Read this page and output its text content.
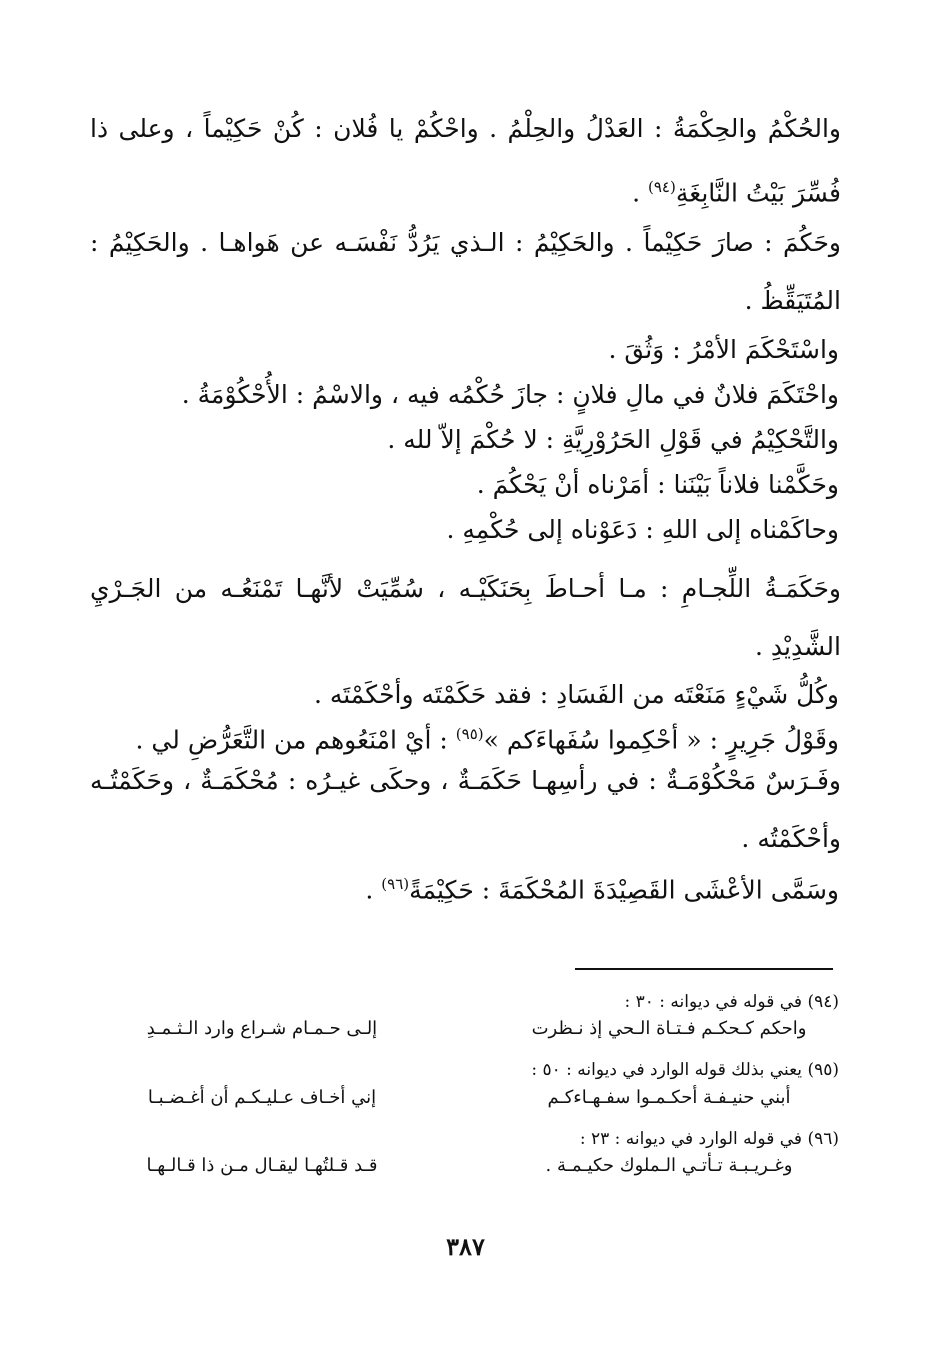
والحُكْمُ والحِكْمَةُ : العَدْلُ والحِلْمُ . واحْكُمْ يا فُلان : كُنْ حَكِيْماً ، وعلى ذا فُسِّرَ بَيْتُ النَّابِغَةِ$^{(٩٤)}$ .
وحَكُمَ : صارَ حَكِيْماً . والحَكِيْمُ : الـذي يَرُدُّ نَفْسَـه عن هَواهـا . والحَكِيْمُ : المُتَيَقِّظُ .
واسْتَحْكَمَ الأمْرُ : وَثُقَ .
واحْتَكَمَ فلانٌ في مالِ فلانٍ : جازَ حُكْمُه فيه ، والاسْمُ : الأُحْكُوْمَةُ .
والتَّحْكِيْمُ في قَوْلِ الحَرُوْرِيَّةِ : لا حُكْمَ إلاّ لله .
وحَكَّمْنا فلاناً بَيْنَنا : أمَرْناه أنْ يَحْكُمَ .
وحاكَمْناه إلى اللهِ : دَعَوْناه إلى حُكْمِهِ .
وحَكَمَـةُ اللِّجـامِ : مـا أحـاطَ بِحَنَكَيْـه ، سُمِّيَتْ لأنَّهـا تَمْنَعُـه من الجَـرْيِ الشَّدِيْدِ .
وكُلُّ شَيْءٍ مَنَعْتَه من الفَسَادِ : فقد حَكَمْتَه وأحْكَمْتَه .
وقَوْلُ جَرِيرٍ : « أحْكِموا سُفَهاءَكم »$^{(٩٥)}$ : أيْ امْنَعُوهم من التَّعَرُّضِ لي .
وفَـرَسٌ مَحْكُوْمَـةٌ : في رأسِهـا حَكَمَـةٌ ، وحكَى غيـرُه : مُحْكَمَـةٌ ، وحَكَمْتُـه وأحْكَمْتُه .
وسَمَّى الأعْشَى القَصِيْدَةَ المُحْكَمَةَ : حَكِيْمَةً$^{(٩٦)}$ .
(٩٤) في قوله في ديوانه : ٣٠ :
واحكم كـحكـم فـتـاة الـحي إذ نـظرت
إلـى حـمـام شـراع وارد الـثـمـدِ
(٩٥) يعني بذلك قوله الوارد في ديوانه : ٥٠ :
أبني حنيـفـة أحكـمـوا سفـهـاءكـم
إني أخـاف عـليـكـم أن أغـضـبـا
(٩٦) في قوله الوارد في ديوانه : ٢٣ :
وغـريـبـة تـأتـي الـملوك حكيـمـة .
قـد قـلتُهـا ليقـال مـن ذا قـالـهـا
٣٨٧
